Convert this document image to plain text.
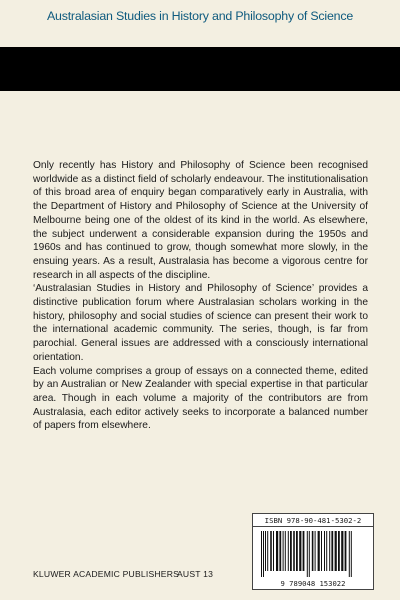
Australasian Studies in History and Philosophy of Science

Only recently has History and Philosophy of Science been recognised worldwide as a distinct field of scholarly endeavour. The institutionalisation of this broad area of enquiry began comparatively early in Australia, with the Department of History and Philosophy of Science at the University of Melbourne being one of the oldest of its kind in the world. As elsewhere, the subject underwent a considerable expansion during the 1950s and 1960s and has continued to grow, though somewhat more slowly, in the ensuing years. As a result, Australasia has become a vigorous centre for research in all aspects of the discipline.

‘Australasian Studies in History and Philosophy of Science’ provides a distinctive publication forum where Australasian scholars working in the history, philosophy and social studies of science can present their work to the international academic community. The series, though, is far from parochial. General issues are addressed with a consciously international orientation.

Each volume comprises a group of essays on a connected theme, edited by an Australian or New Zealander with special expertise in that particular area. Though in each volume a majority of the contributors are from Australasia, each editor actively seeks to incorporate a balanced number of papers from elsewhere.

ISBN 978-90-481-5302-2
9 789048 153022
KLUWER ACADEMIC PUBLISHERS
AUST 13
